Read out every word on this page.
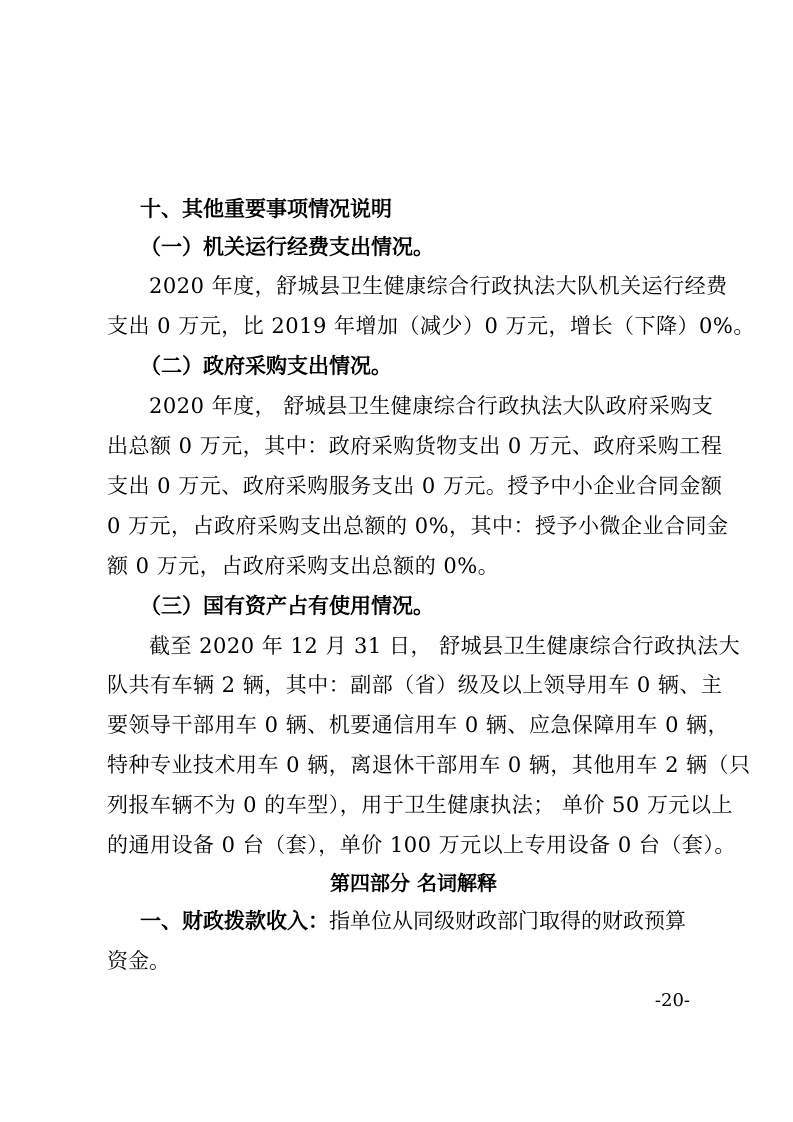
十、其他重要事项情况说明
（一）机关运行经费支出情况。
2020 年度，舒城县卫生健康综合行政执法大队机关运行经费
支出 0 万元，比 2019 年增加（减少）0 万元，增长（下降）0%。
（二）政府采购支出情况。
2020 年度， 舒城县卫生健康综合行政执法大队政府采购支
出总额 0 万元，其中：政府采购货物支出 0 万元、政府采购工程
支出 0 万元、政府采购服务支出 0 万元。授予中小企业合同金额
0 万元，占政府采购支出总额的 0%，其中：授予小微企业合同金
额 0 万元，占政府采购支出总额的 0%。
（三）国有资产占有使用情况。
截至 2020 年 12 月 31 日， 舒城县卫生健康综合行政执法大
队共有车辆 2 辆，其中：副部（省）级及以上领导用车 0 辆、主
要领导干部用车 0 辆、机要通信用车 0 辆、应急保障用车 0 辆，
特种专业技术用车 0 辆，离退休干部用车 0 辆，其他用车 2 辆（只
列报车辆不为 0 的车型），用于卫生健康执法； 单价 50 万元以上
的通用设备 0 台（套），单价 100 万元以上专用设备 0 台（套）。
第四部分 名词解释
一、财政拨款收入：指单位从同级财政部门取得的财政预算
资金。
-20-
